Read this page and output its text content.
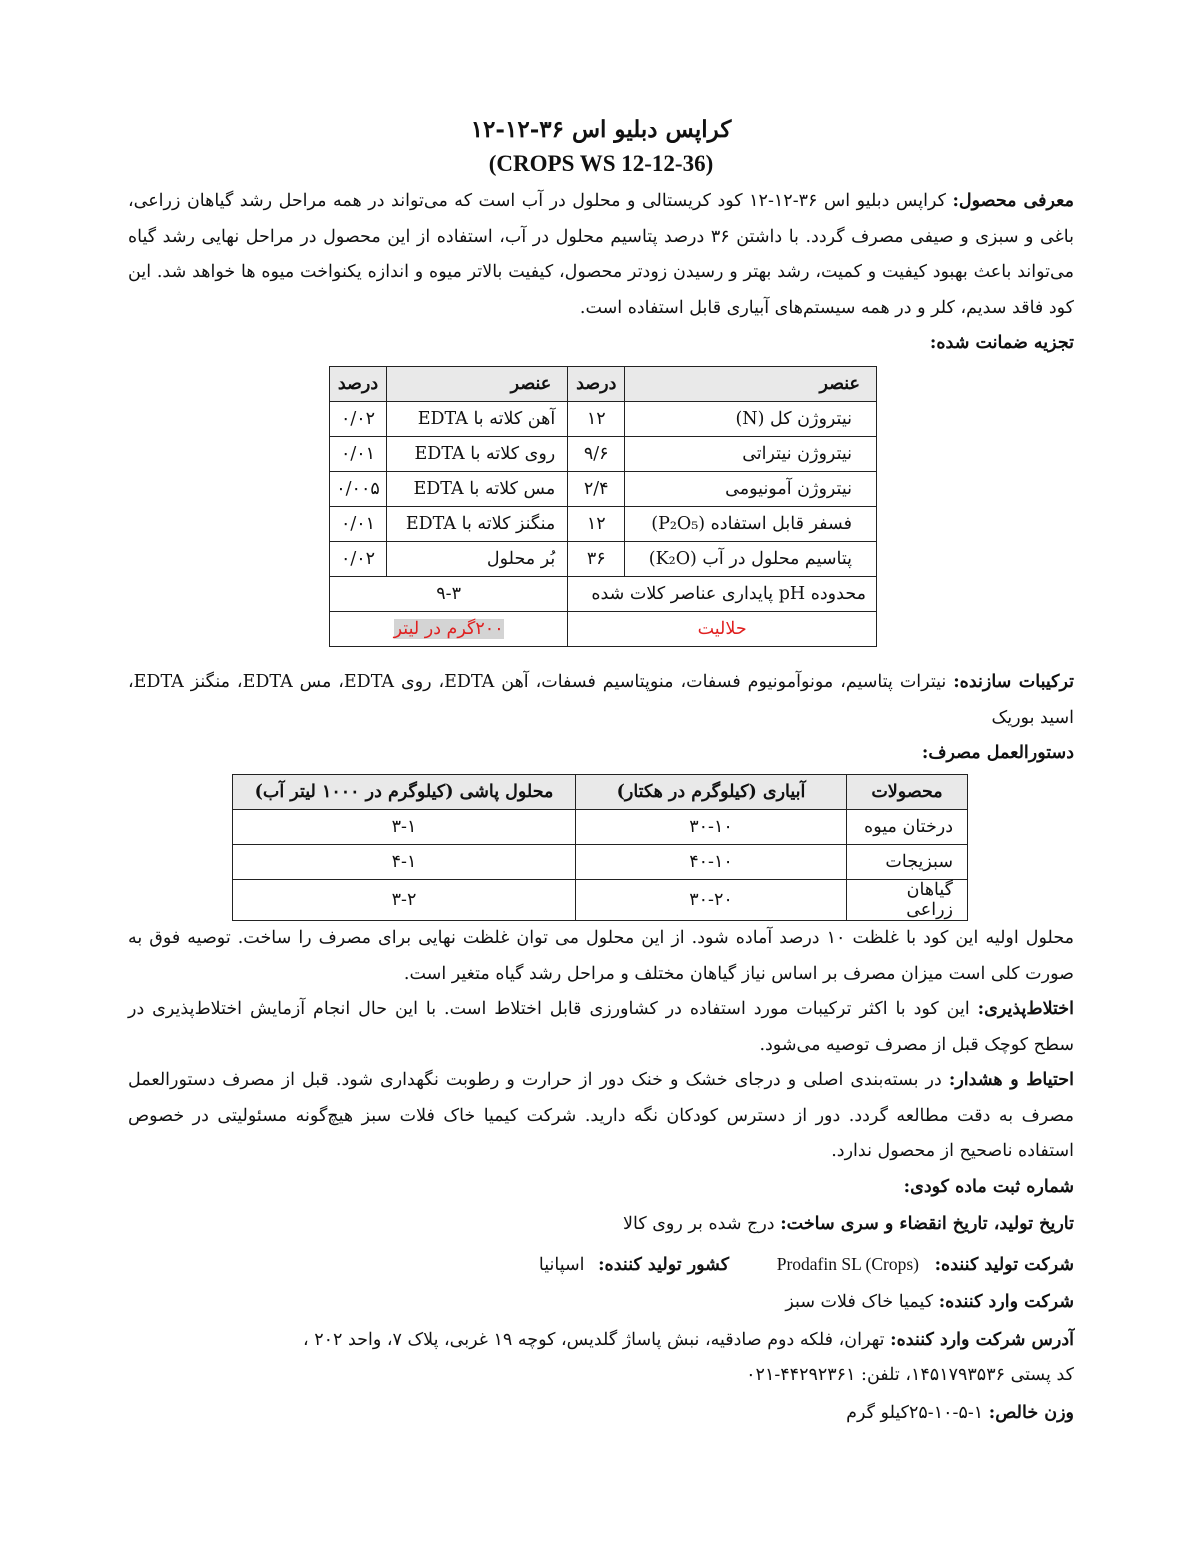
کراپس دبلیو اس ۳۶-۱۲-۱۲
(CROPS WS 12-12-36)

معرفی محصول: کراپس دبلیو اس ۳۶-۱۲-۱۲ کود کریستالی و محلول در آب است که می‌تواند در همه مراحل رشد گیاهان زراعی، باغی و سبزی و صیفی مصرف گردد. با داشتن ۳۶ درصد پتاسیم محلول در آب، استفاده از این محصول در مراحل نهایی رشد گیاه می‌تواند باعث بهبود کیفیت و کمیت، رشد بهتر و رسیدن زودتر محصول، کیفیت بالاتر میوه و اندازه یکنواخت میوه ها خواهد شد. این کود فاقد سدیم، کلر و در همه سیستم‌های آبیاری قابل استفاده است.

تجزیه ضمانت شده:
عنصر	درصد	عنصر	درصد
نیتروژن کل (N)	۱۲	آهن کلاته با EDTA	۰/۰۲
نیتروژن نیتراتی	۹/۶	روی کلاته با EDTA	۰/۰۱
نیتروژن آمونیومی	۲/۴	مس کلاته با EDTA	۰/۰۰۵
فسفر قابل استفاده (P₂O₅)	۱۲	منگنز کلاته با EDTA	۰/۰۱
پتاسیم محلول در آب (K₂O)	۳۶	بُر محلول	۰/۰۲
محدوده pH پایداری عناصر کلات شده		۹-۳	
حلالیت		۲۰۰گرم در لیتر	

ترکیبات سازنده: نیترات پتاسیم، مونوآمونیوم فسفات، منوپتاسیم فسفات، آهن EDTA، روی EDTA، مس EDTA، منگنز EDTA، اسید بوریک

دستورالعمل مصرف:
محصولات	آبیاری (کیلوگرم در هکتار)	محلول پاشی (کیلوگرم در ۱۰۰۰ لیتر آب)
درختان میوه	۳۰-۱۰	۳-۱
سبزیجات	۴۰-۱۰	۴-۱
گیاهان زراعی	۳۰-۲۰	۳-۲

محلول اولیه این کود با غلظت ۱۰ درصد آماده شود. از این محلول می توان غلظت نهایی برای مصرف را ساخت. توصیه فوق به صورت کلی است میزان مصرف بر اساس نیاز گیاهان مختلف و مراحل رشد گیاه متغیر است.

اختلاط‌پذیری: این کود با اکثر ترکیبات مورد استفاده در کشاورزی قابل اختلاط است. با این حال انجام آزمایش اختلاط‌پذیری در سطح کوچک قبل از مصرف توصیه می‌شود.

احتیاط و هشدار: در بسته‌بندی اصلی و درجای خشک و خنک دور از حرارت و رطوبت نگهداری شود. قبل از مصرف دستورالعمل مصرف به دقت مطالعه گردد. دور از دسترس کودکان نگه دارید. شرکت کیمیا خاک فلات سبز هیچ‌گونه مسئولیتی در خصوص استفاده ناصحیح از محصول ندارد.

شماره ثبت ماده کودی:

تاریخ تولید، تاریخ انقضاء و سری ساخت: درج شده بر روی کالا

شرکت تولید کننده: Prodafin SL (Crops) کشور تولید کننده: اسپانیا

شرکت وارد کننده: کیمیا خاک فلات سبز

آدرس شرکت وارد کننده: تهران، فلکه دوم صادقیه، نبش پاساژ گلدیس، کوچه ۱۹ غربی، پلاک ۷، واحد ۲۰۲ ،

کد پستی ۱۴۵۱۷۹۳۵۳۶، تلفن: ۴۴۲۹۲۳۶۱-۰۲۱

وزن خالص: ۱-۵-۱۰-۲۵کیلو گرم
